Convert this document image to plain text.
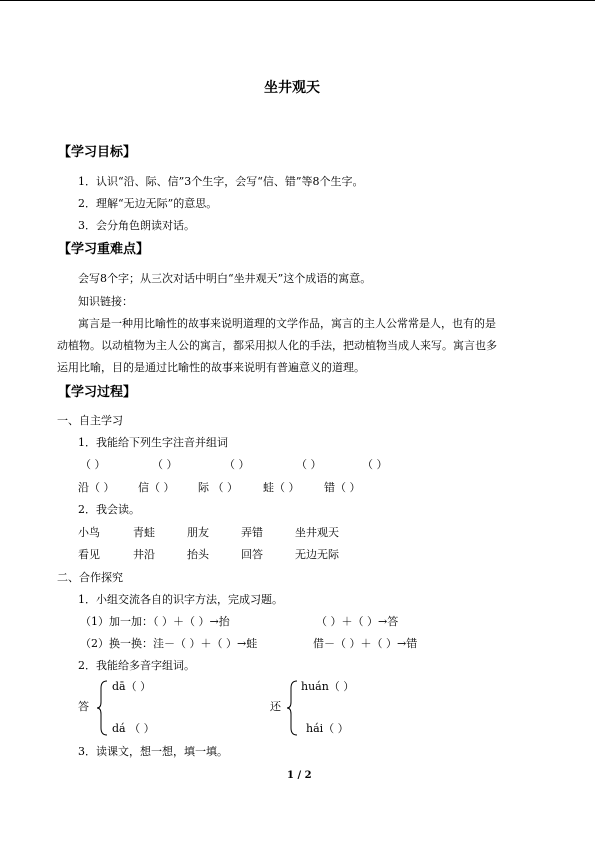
坐井观天
【学习目标】
1．认识“沿、际、信”3个生字，会写“信、错”等8个生字。
2．理解“无边无际”的意思。
3．会分角色朗读对话。
【学习重难点】
会写8个字；从三次对话中明白“坐井观天”这个成语的寓意。
知识链接：
寓言是一种用比喻性的故事来说明道理的文学作品，寓言的主人公常常是人，也有的是
动植物。以动植物为主人公的寓言，都采用拟人化的手法，把动植物当成人来写。寓言也多
运用比喻，目的是通过比喻性的故事来说明有普遍意义的道理。
【学习过程】
一、自主学习
1．我能给下列生字注音并组词
（ ）	（ ）	（ ）	（ ）	（ ）
沿（ ） 信（ ） 际 （ ） 蛙（ ） 错（ ）
2．我会读。
小鸟	青蛙	朋友	弄错	坐井观天
看见	井沿	抬头	回答	无边无际
二、合作探究
1．小组交流各自的识字方法，完成习题。
（1）加一加：（ ）＋（ ）→抬	（ ）＋（ ）→答
（2）换一换：洼－（ ）＋（ ）→蛙	借－（ ）＋（ ）→错
2．我能给多音字组词。
答
dā（ ）
dá （ ）
还
huán（ ）
hái（ ）
3．读课文，想一想，填一填。
1 / 2
